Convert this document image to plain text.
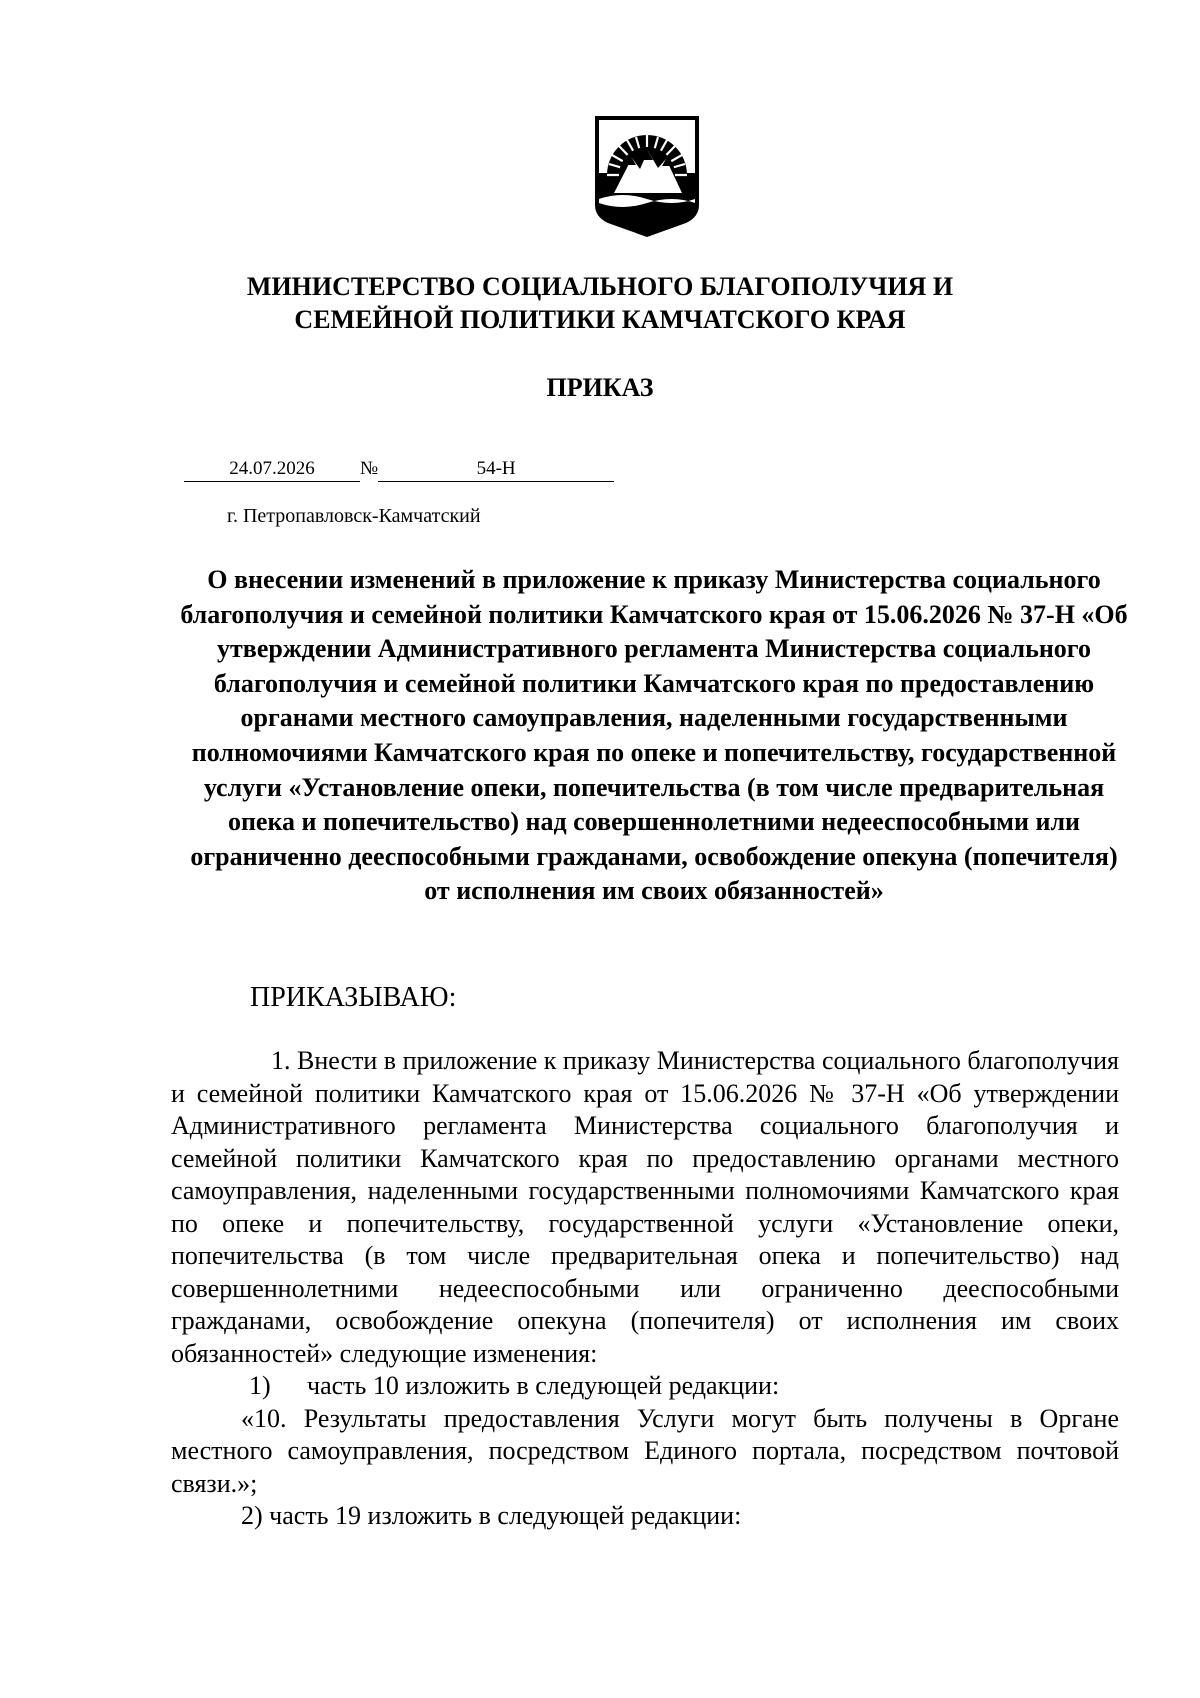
МИНИСТЕРСТВО СОЦИАЛЬНОГО БЛАГОПОЛУЧИЯ И
СЕМЕЙНОЙ ПОЛИТИКИ КАМЧАТСКОГО КРАЯ
ПРИКАЗ
24.07.2026 №	54-Н

г. Петропавловск-Камчатский

О внесении изменений в приложение к приказу Министерства социального благополучия и семейной политики Камчатского края от 15.06.2026 № 37-Н «Об утверждении Административного регламента Министерства социального благополучия и семейной политики Камчатского края по предоставлению органами местного самоуправления, наделенными государственными полномочиями Камчатского края по опеке и попечительству, государственной услуги «Установление опеки, попечительства (в том числе предварительная опека и попечительство) над совершеннолетними недееспособными или ограниченно дееспособными гражданами, освобождение опекуна (попечителя) от исполнения им своих обязанностей»

ПРИКАЗЫВАЮ:

1. Внести в приложение к приказу Министерства социального благополучия и семейной политики Камчатского края от 15.06.2026 № 37-Н «Об утверждении Административного регламента Министерства социального благополучия и семейной политики Камчатского края по предоставлению органами местного самоуправления, наделенными государственными полномочиями Камчатского края по опеке и попечительству, государственной услуги «Установление опеки, попечительства (в том числе предварительная опека и попечительство) над совершеннолетними недееспособными или ограниченно дееспособными гражданами, освобождение опекуна (попечителя) от исполнения им своих обязанностей» следующие изменения:

1) часть 10 изложить в следующей редакции:

«10. Результаты предоставления Услуги могут быть получены в Органе местного самоуправления, посредством Единого портала, посредством почтовой связи.»;

2) часть 19 изложить в следующей редакции:
